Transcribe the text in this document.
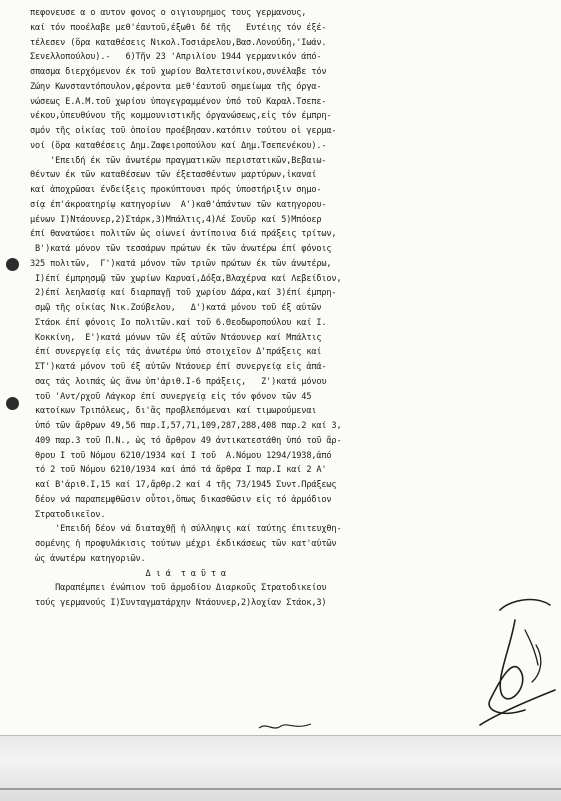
πεφονευσε α ο αυτον φονος ο οιγιουρημος τους γερμανους,
καί τόν ποοέλαβε μεθ'έαυτοῦ,έξωθι δέ τῆς   Ευτέιης τόν έξέ-
τέλεσεν (ὅρα καταθέσεις Νικολ.Τοσιάρελου,Βασ.Λονούδη,'Ιωάν.
Σενελλοπούλου).-   6)Τῆν 23 'Απριλίου 1944 γερμανικόν άπό-
σπασμα διερχόμενον έκ τοῦ χωρίου Βαλτετσινίκου,συνέλαβε τόν
Ζώην Κωνσταντόπουλον,φέροντα μεθ'έαυτοῦ σημείωμα τῆς όργα-
νώσεως Ε.Α.Μ.τοῦ χωρίου ὑπογεγραμμένον ὑπό τοῦ Καραλ.Τσεπε-
νέκου,ὑπευθύνου τῆς κομμουνιστικῆς όργανώσεως,εἰς τόν έμπρη-
σμόν τῆς οἰκίας τοῦ ὁποίου προέβησαν.κατόπιν τούτου οἱ γερμα-
νοί (ὅρα καταθέσεις Δημ.Ζαφειροπούλου καί Δημ.Τσεπενέκου).-
'Επειδή έκ τῶν ἀνωτέρω πραγματικῶν περιστατικῶν,Βεβαιω-
θέντων έκ τῶν καταθέσεων τῶν έξετασθέντων μαρτύρων,ἱκαναί
καί ἀποχρῶσαι ένδείξεις προκύπτουσι πρός ὑποστήριξιν σημο-
σίᾳ έπ'άκροατηρίῳ κατηγορίων  Α')καθ'ἁπάντων τῶν κατηγορου-
μένων Ι)Ντάουνερ,2)Στάρκ,3)Μπάλτις,4)Λέ Σουῦρ καί 5)Μπόοερ
έπί θανατώσει πολιτῶν ὡς οἰωνεί ἀντίποινα διά πράξεις τρίτων,
Β')κατά μόνον τῶν τεσσάρων πρώτων έκ τῶν ἀνωτέρω έπί φόνοις
325 πολιτῶν,  Γ')κατά μόνον τῶν τριῶν πρώτων έκ τῶν ἀνωτέρω,
Ι)έπί έμπρησμῷ τῶν χωρίων Καρυαί,Δόξα,Βλαχέρνα καί Λεβείδιον,
2)έπί λεηλασίᾳ καί διαρπαγῇ τοῦ χωρίου Δάρα,καί 3)έπί έμπρη-
σμῷ τῆς οἰκίας Νικ.Ζούβελου,   Δ')κατά μόνου τοῦ έξ αὐτῶν
Στάοκ έπί φόνοις Ιο πολιτῶν.καί τοῦ 6.Θεοδωροπούλου καί Ι.
Κοκκίνη,  Ε')κατά μόνων τῶν έξ αὐτῶν Ντάουνερ καί Μπάλτις
έπί συνεργείᾳ εἰς τάς ἀνωτέρω ὑπό στοιχεῖον Δ'πράξεις καί
ΣΤ')κατά μόνον τοῦ έξ αὐτῶν Ντάουερ έπί συνεργείᾳ εἰς ἁπά-
σας τάς λοιπάς ὡς ἄνω ὑπ'ἀριθ.Ι-6 πράξεις,   Ζ')κατά μόνου
τοῦ 'Αντ/ρχοῦ Λάγκορ έπί συνεργείᾳ εἰς τόν φόνον τῶν 45
κατοίκων Τριπόλεως, δι'ἃς προβλεπόμεναι καί τιμωρούμεναι
ὑπό τῶν ἄρθρων 49,56 παρ.Ι,57,71,109,287,288,408 παρ.2 καί 3,
409 παρ.3 τοῦ Π.Ν., ὡς τό ἄρθρον 49 ἀντικατεστάθη ὑπό τοῦ ἄρ-
θρου Ι τοῦ Νόμου 6210/1934 καί Ι τοῦ  Α.Νόμου 1294/1938,ἀπό
τό 2 τοῦ Νόμου 6210/1934 καί ἀπό τά ἄρθρα Ι παρ.Ι καί 2 Α'
καί Β'ἀριθ.Ι,15 καί 17,ἄρθρ.2 καί 4 τῆς 73/1945 Συντ.Πράξεως
δέον νά παραπεμφθῶσιν οὗτοι,ὅπως δικασθῶσιν εἰς τό ἁρμόδιον
Στρατοδικεῖον.
'Επειδή δέον νά διαταχθῇ ἡ σύλληψις καί ταύτης έπιτευχθη-
σομένης ἡ προφυλάκισις τούτων μέχρι έκδικάσεως τῶν κατ'αὐτῶν
ὡς ἀνωτέρω κατηγοριῶν.
Δ ι ά  τ α ῦ τ α
Παραπέμπει ένώπιον τοῦ ἁρμοδίου Διαρκοῦς Στρατοδικείου
τούς γερμανούς Ι)Συνταγματάρχην Ντάουνερ,2)λοχίαν Στάοκ,3)
